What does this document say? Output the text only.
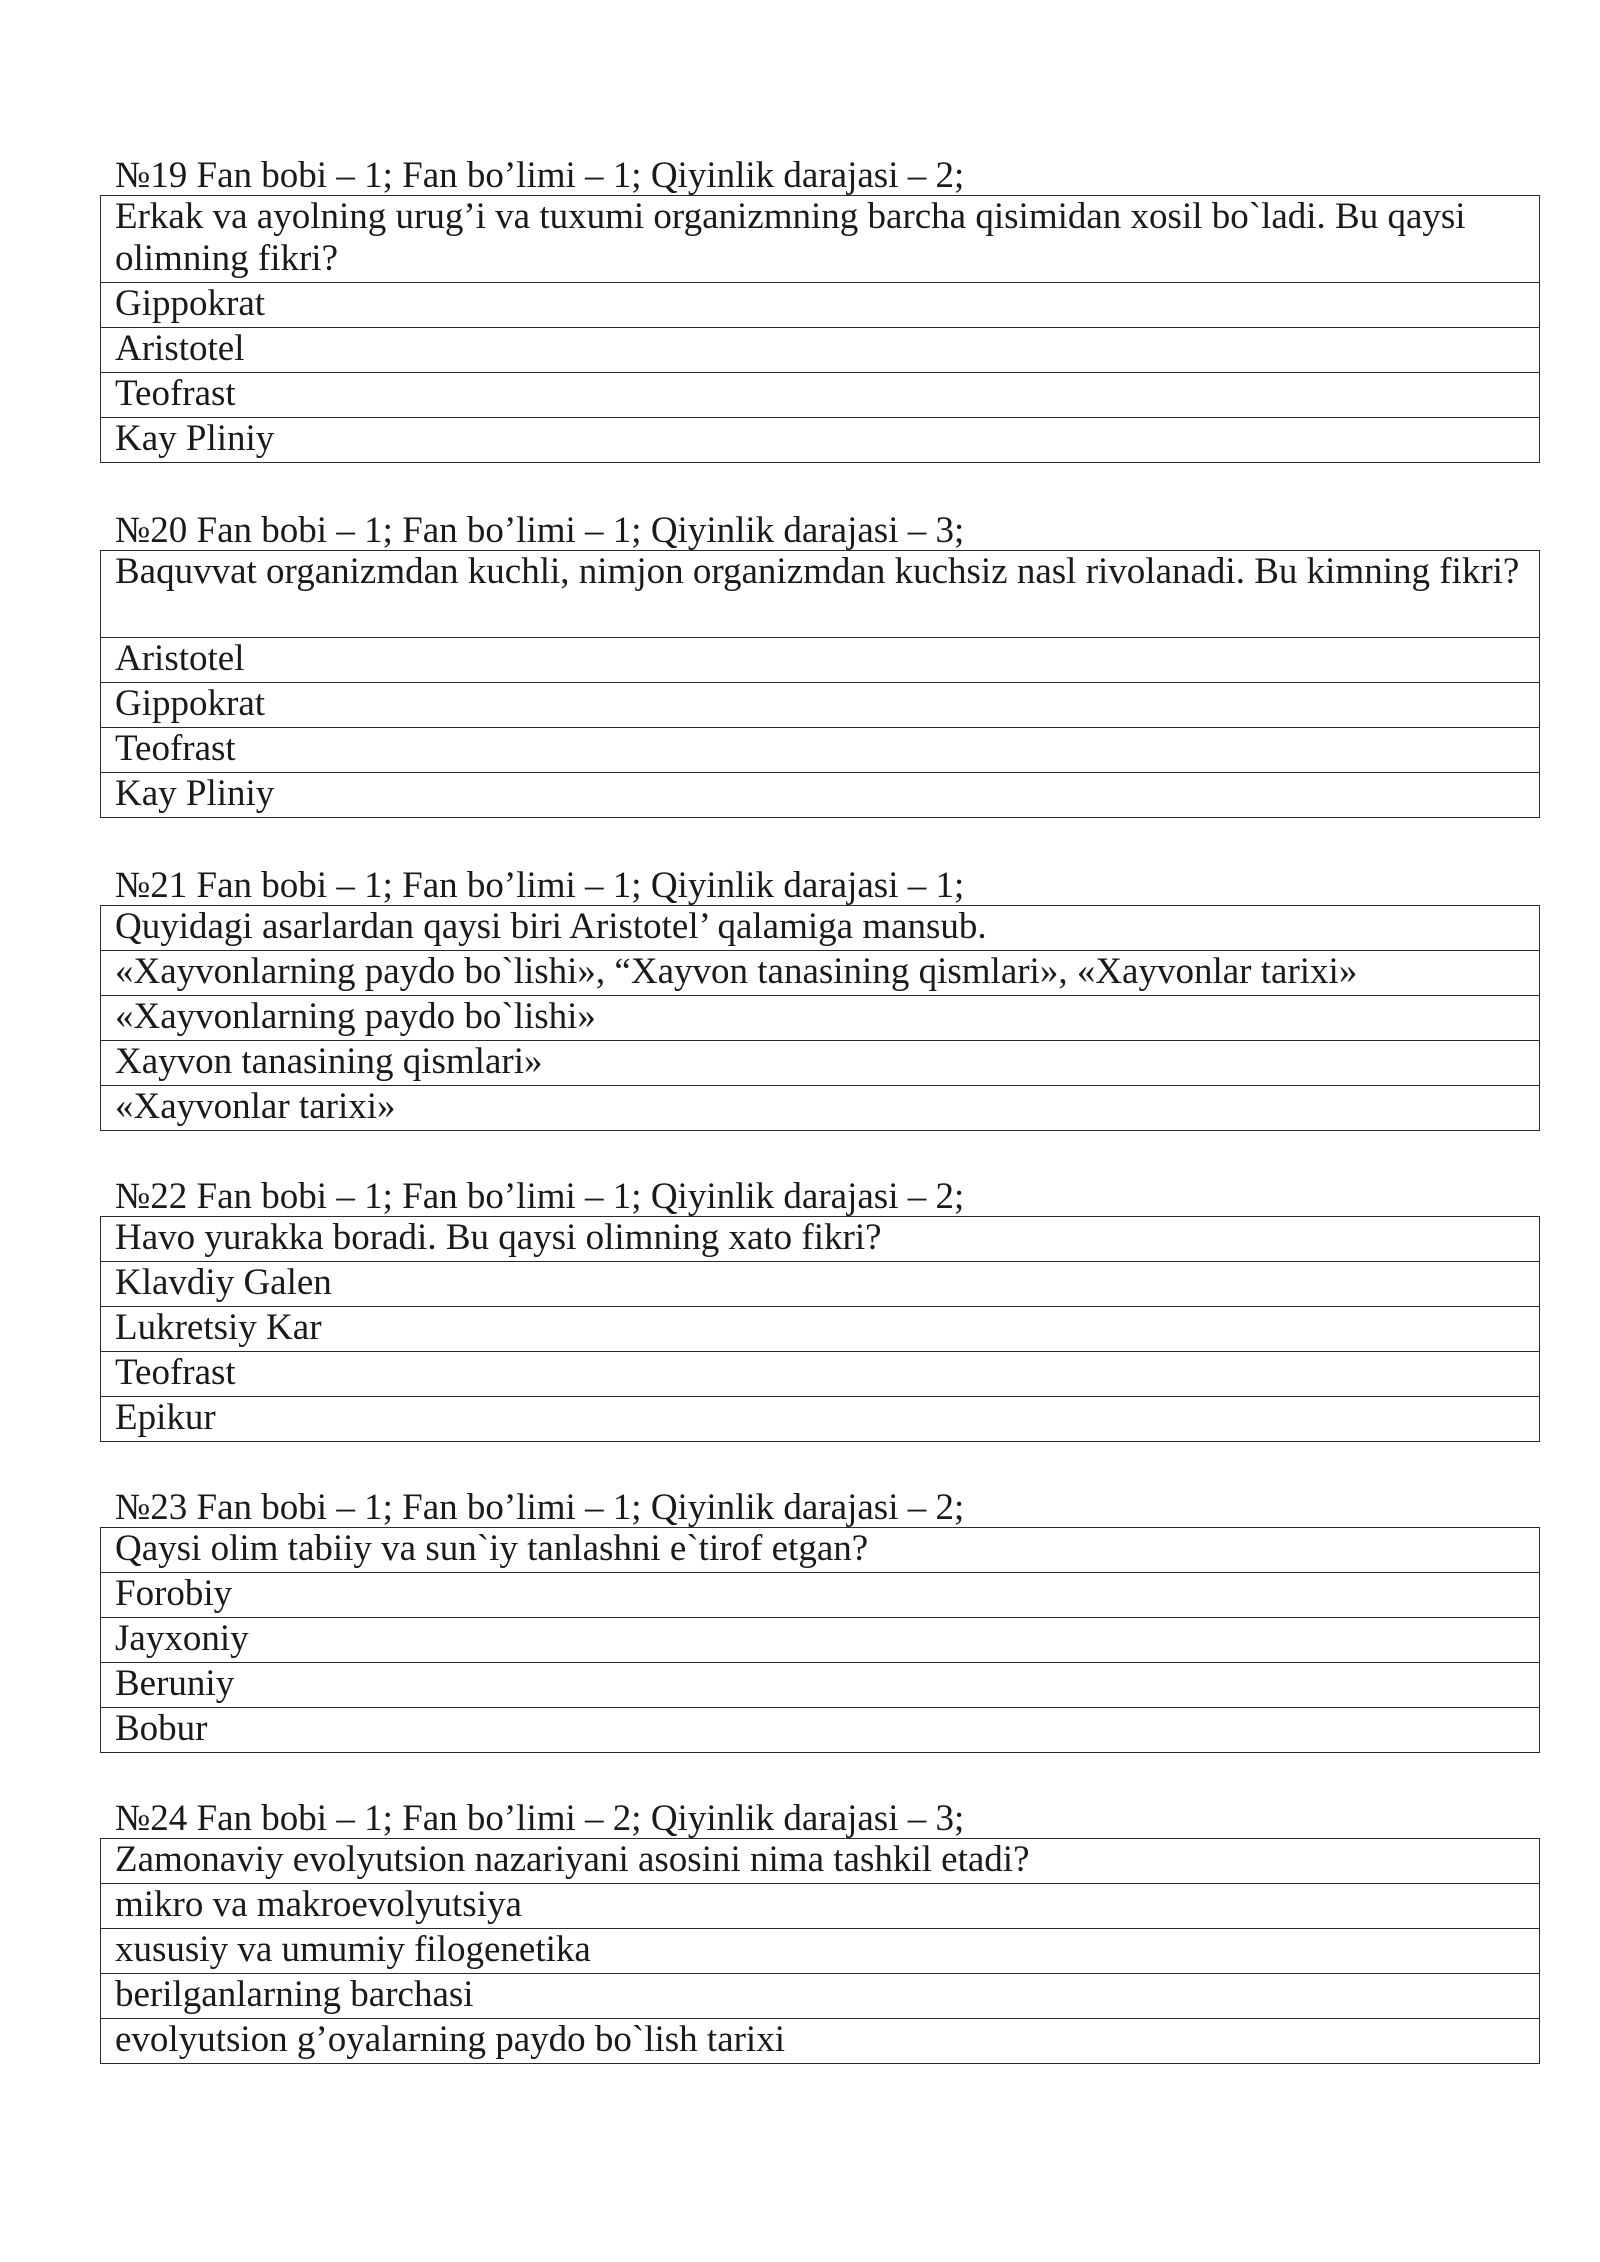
№19 Fan bobi – 1; Fan bo’limi – 1; Qiyinlik darajasi – 2;
Erkak va ayolning urug’i va tuxumi organizmning barcha qisimidan xosil bo`ladi. Bu qaysi olimning fikri?
Gippokrat
Aristotel
Teofrast
Kay Pliniy
№20 Fan bobi – 1; Fan bo’limi – 1; Qiyinlik darajasi – 3;
Baquvvat organizmdan kuchli, nimjon organizmdan kuchsiz nasl rivolanadi. Bu kimning fikri?
Aristotel
Gippokrat
Teofrast
Kay Pliniy
№21 Fan bobi – 1; Fan bo’limi – 1; Qiyinlik darajasi – 1;
Quyidagi asarlardan qaysi biri Aristotel’ qalamiga mansub.
«Xayvonlarning paydo bo`lishi», “Xayvon tanasining qismlari», «Xayvonlar tarixi»
«Xayvonlarning paydo bo`lishi»
Xayvon tanasining qismlari»
«Xayvonlar tarixi»
№22 Fan bobi – 1; Fan bo’limi – 1; Qiyinlik darajasi – 2;
Havo yurakka boradi. Bu qaysi olimning xato fikri?
Klavdiy Galen
Lukretsiy Kar
Teofrast
Epikur
№23 Fan bobi – 1; Fan bo’limi – 1; Qiyinlik darajasi – 2;
Qaysi olim tabiiy va sun`iy tanlashni e`tirof etgan?
Forobiy
Jayxoniy
Beruniy
Bobur
№24 Fan bobi – 1; Fan bo’limi – 2; Qiyinlik darajasi – 3;
Zamonaviy evolyutsion nazariyani asosini nima tashkil etadi?
mikro va makroevolyutsiya
xususiy va umumiy filogenetika
berilganlarning barchasi
evolyutsion g’oyalarning paydo bo`lish tarixi
